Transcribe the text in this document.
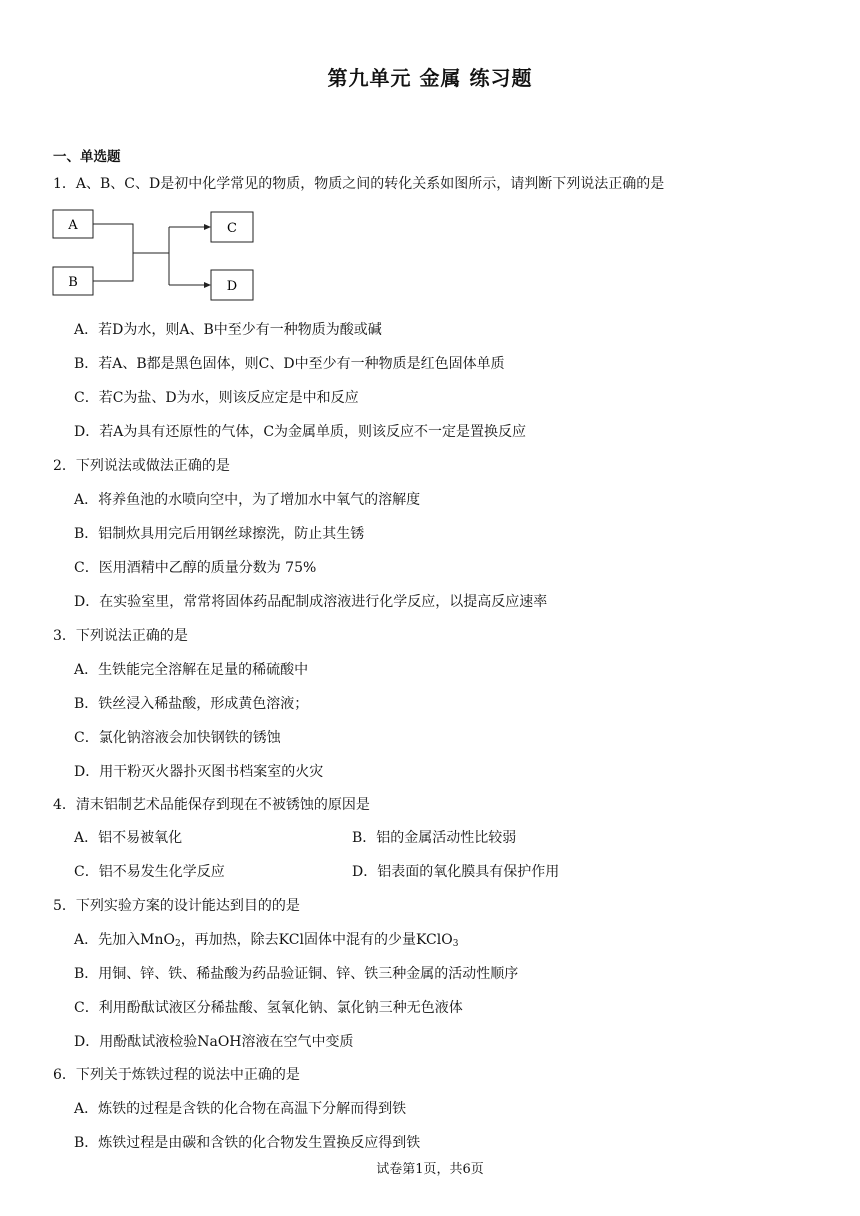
第九单元 金属 练习题
一、单选题
1．A、B、C、D是初中化学常见的物质，物质之间的转化关系如图所示，请判断下列说法正确的是
A
B
C
D
A．若D为水，则A、B中至少有一种物质为酸或碱
B．若A、B都是黑色固体，则C、D中至少有一种物质是红色固体单质
C．若C为盐、D为水，则该反应定是中和反应
D．若A为具有还原性的气体，C为金属单质，则该反应不一定是置换反应
2．下列说法或做法正确的是
A．将养鱼池的水喷向空中，为了增加水中氧气的溶解度
B．铝制炊具用完后用钢丝球擦洗，防止其生锈
C．医用酒精中乙醇的质量分数为 75%
D．在实验室里，常常将固体药品配制成溶液进行化学反应，以提高反应速率
3．下列说法正确的是
A．生铁能完全溶解在足量的稀硫酸中
B．铁丝浸入稀盐酸，形成黄色溶液；
C．氯化钠溶液会加快钢铁的锈蚀
D．用干粉灭火器扑灭图书档案室的火灾
4．清末铝制艺术品能保存到现在不被锈蚀的原因是
A．铝不易被氧化	B．铝的金属活动性比较弱
C．铝不易发生化学反应	D．铝表面的氧化膜具有保护作用
5．下列实验方案的设计能达到目的的是
A．先加入MnO$_2$，再加热，除去KCl固体中混有的少量KClO$_3$
B．用铜、锌、铁、稀盐酸为药品验证铜、锌、铁三种金属的活动性顺序
C．利用酚酞试液区分稀盐酸、氢氧化钠、氯化钠三种无色液体
D．用酚酞试液检验NaOH溶液在空气中变质
6．下列关于炼铁过程的说法中正确的是
A．炼铁的过程是含铁的化合物在高温下分解而得到铁
B．炼铁过程是由碳和含铁的化合物发生置换反应得到铁
试卷第1页，共6页
